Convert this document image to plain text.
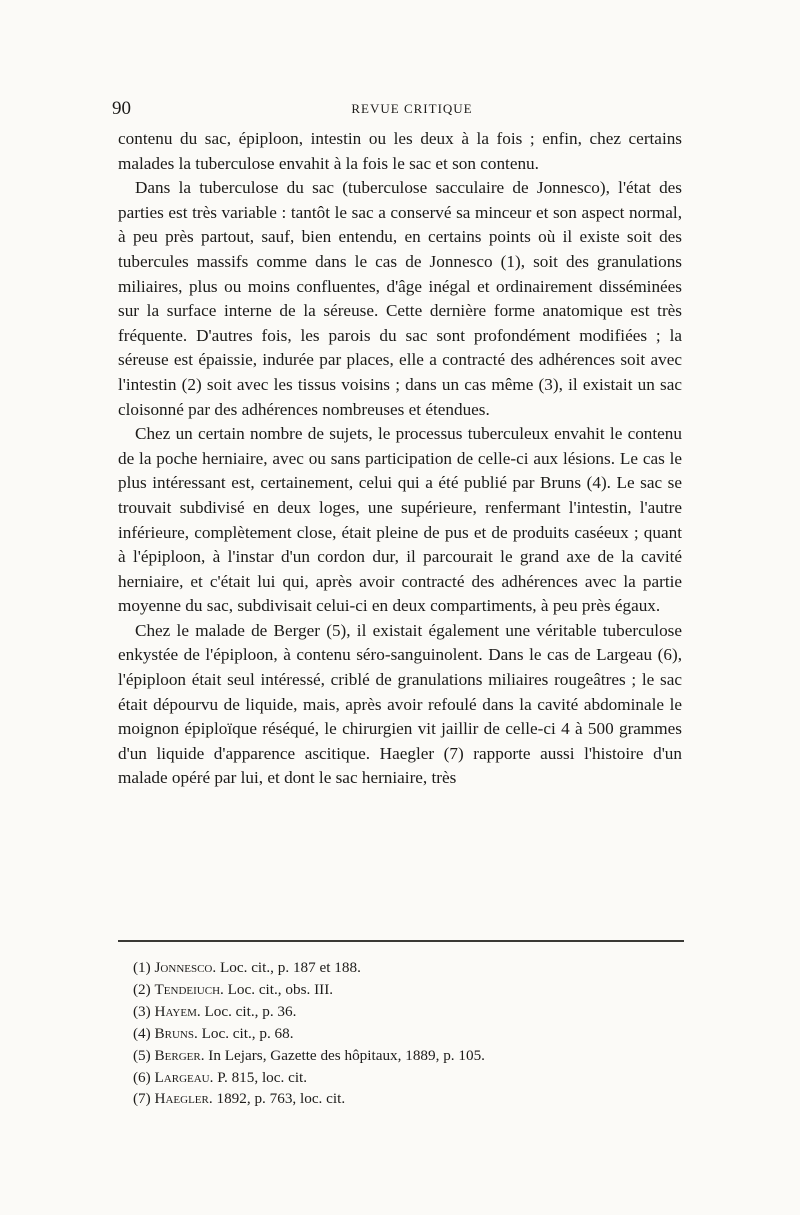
90	REVUE CRITIQUE

contenu du sac, épiploon, intestin ou les deux à la fois ; enfin, chez certains malades la tuberculose envahit à la fois le sac et son contenu.

Dans la tuberculose du sac (tuberculose sacculaire de Jonnesco), l'état des parties est très variable : tantôt le sac a conservé sa minceur et son aspect normal, à peu près partout, sauf, bien entendu, en certains points où il existe soit des tubercules massifs comme dans le cas de Jonnesco (1), soit des granulations miliaires, plus ou moins confluentes, d'âge inégal et ordinairement disséminées sur la surface interne de la séreuse. Cette dernière forme anatomique est très fréquente. D'autres fois, les parois du sac sont profondément modifiées ; la séreuse est épaissie, indurée par places, elle a contracté des adhérences soit avec l'intestin (2) soit avec les tissus voisins ; dans un cas même (3), il existait un sac cloisonné par des adhérences nombreuses et étendues.

Chez un certain nombre de sujets, le processus tuberculeux envahit le contenu de la poche herniaire, avec ou sans participation de celle-ci aux lésions. Le cas le plus intéressant est, certainement, celui qui a été publié par Bruns (4). Le sac se trouvait subdivisé en deux loges, une supérieure, renfermant l'intestin, l'autre inférieure, complètement close, était pleine de pus et de produits caséeux ; quant à l'épiploon, à l'instar d'un cordon dur, il parcourait le grand axe de la cavité herniaire, et c'était lui qui, après avoir contracté des adhérences avec la partie moyenne du sac, subdivisait celui-ci en deux compartiments, à peu près égaux.

Chez le malade de Berger (5), il existait également une véritable tuberculose enkystée de l'épiploon, à contenu séro-sanguinolent. Dans le cas de Largeau (6), l'épiploon était seul intéressé, criblé de granulations miliaires rougeâtres ; le sac était dépourvu de liquide, mais, après avoir refoulé dans la cavité abdominale le moignon épiploïque réséqué, le chirurgien vit jaillir de celle-ci 4 à 500 grammes d'un liquide d'apparence ascitique. Haegler (7) rapporte aussi l'histoire d'un malade opéré par lui, et dont le sac herniaire, très

(1) Jonnesco. Loc. cit., p. 187 et 188.
(2) Tendeiuch. Loc. cit., obs. III.
(3) Hayem. Loc. cit., p. 36.
(4) Bruns. Loc. cit., p. 68.
(5) Berger. In Lejars, Gazette des hôpitaux, 1889, p. 105.
(6) Largeau. P. 815, loc. cit.
(7) Haegler. 1892, p. 763, loc. cit.
